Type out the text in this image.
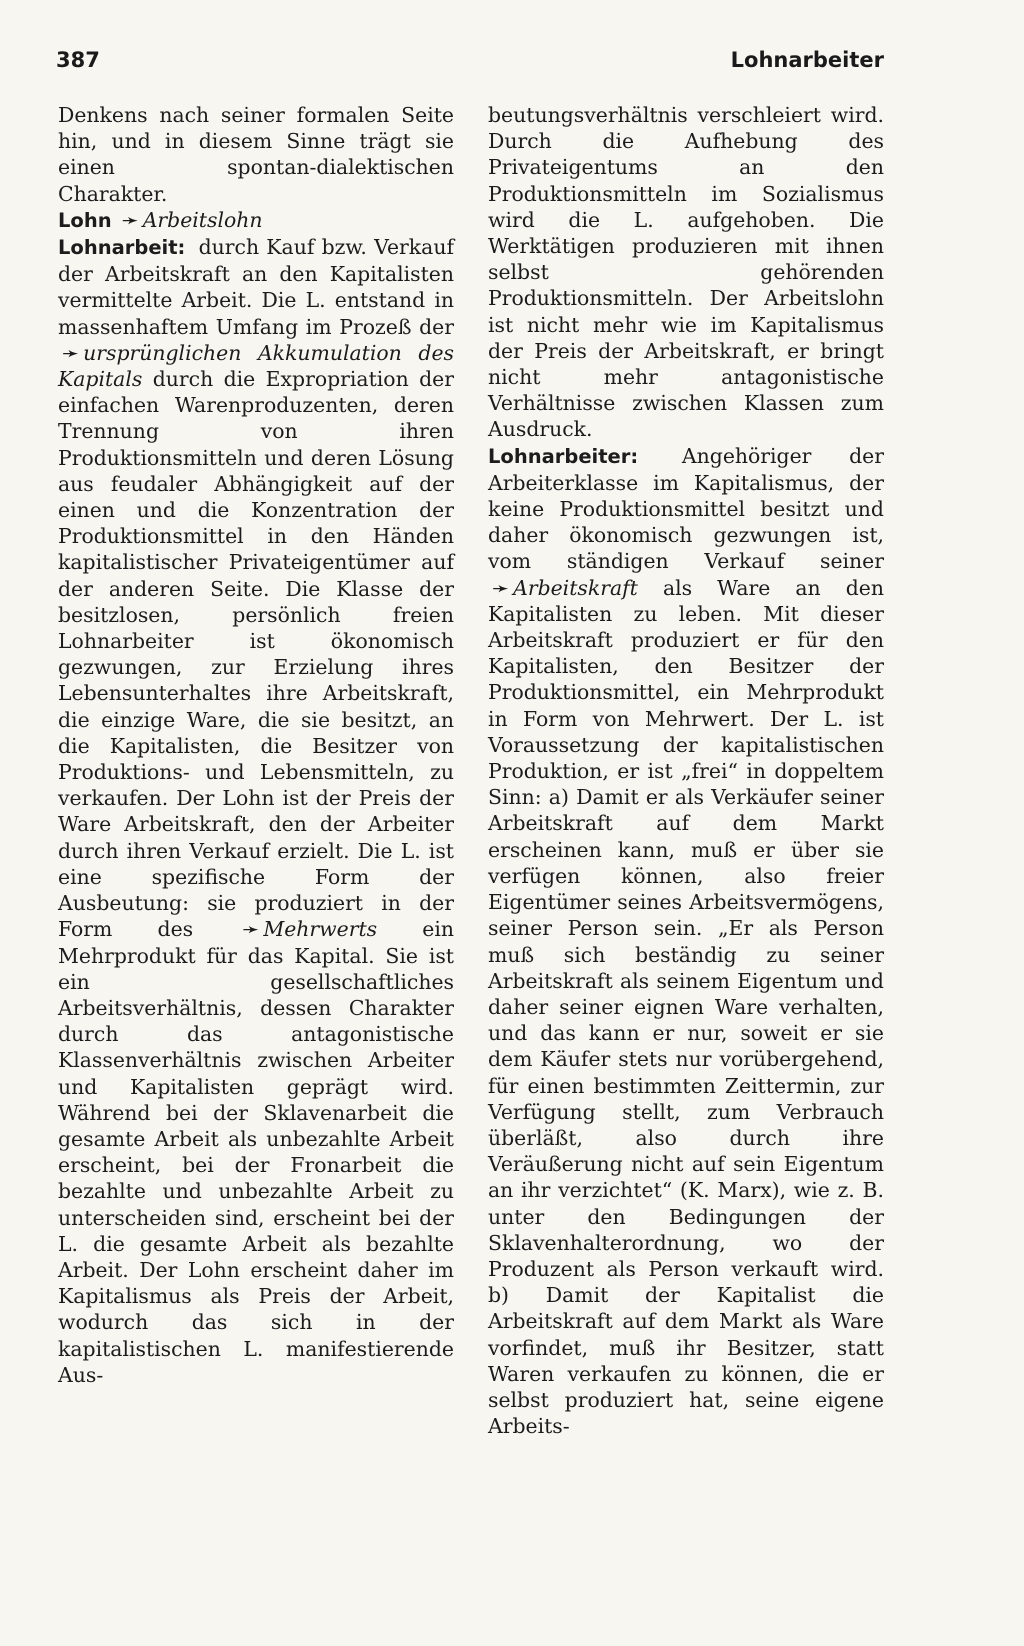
387	Lohnarbeiter

Denkens nach seiner formalen Seite hin, und in diesem Sinne trägt sie einen spontan-dialektischen Charakter.

Lohn ➛ Arbeitslohn

Lohnarbeit: durch Kauf bzw. Verkauf der Arbeitskraft an den Kapitalisten vermittelte Arbeit. Die L. entstand in massenhaftem Umfang im Prozeß der ➛ ursprünglichen Akkumulation des Kapitals durch die Expropriation der einfachen Warenproduzenten, deren Trennung von ihren Produktionsmitteln und deren Lösung aus feudaler Abhängigkeit auf der einen und die Konzentration der Produktionsmittel in den Händen kapitalistischer Privateigentümer auf der anderen Seite. Die Klasse der besitzlosen, persönlich freien Lohnarbeiter ist ökonomisch gezwungen, zur Erzielung ihres Lebensunterhaltes ihre Arbeitskraft, die einzige Ware, die sie besitzt, an die Kapitalisten, die Besitzer von Produktions- und Lebensmitteln, zu verkaufen. Der Lohn ist der Preis der Ware Arbeitskraft, den der Arbeiter durch ihren Verkauf erzielt. Die L. ist eine spezifische Form der Ausbeutung: sie produziert in der Form des ➛ Mehrwerts ein Mehrprodukt für das Kapital. Sie ist ein gesellschaftliches Arbeitsverhältnis, dessen Charakter durch das antagonistische Klassenverhältnis zwischen Arbeiter und Kapitalisten geprägt wird. Während bei der Sklavenarbeit die gesamte Arbeit als unbezahlte Arbeit erscheint, bei der Fronarbeit die bezahlte und unbezahlte Arbeit zu unterscheiden sind, erscheint bei der L. die gesamte Arbeit als bezahlte Arbeit. Der Lohn erscheint daher im Kapitalismus als Preis der Arbeit, wodurch das sich in der kapitalistischen L. manifestierende Aus-

beutungsverhältnis verschleiert wird. Durch die Aufhebung des Privateigentums an den Produktionsmitteln im Sozialismus wird die L. aufgehoben. Die Werktätigen produzieren mit ihnen selbst gehörenden Produktionsmitteln. Der Arbeitslohn ist nicht mehr wie im Kapitalismus der Preis der Arbeitskraft, er bringt nicht mehr antagonistische Verhältnisse zwischen Klassen zum Ausdruck.

Lohnarbeiter: Angehöriger der Arbeiterklasse im Kapitalismus, der keine Produktionsmittel besitzt und daher ökonomisch gezwungen ist, vom ständigen Verkauf seiner ➛ Arbeitskraft als Ware an den Kapitalisten zu leben. Mit dieser Arbeitskraft produziert er für den Kapitalisten, den Besitzer der Produktionsmittel, ein Mehrprodukt in Form von Mehrwert. Der L. ist Voraussetzung der kapitalistischen Produktion, er ist „frei“ in doppeltem Sinn: a) Damit er als Verkäufer seiner Arbeitskraft auf dem Markt erscheinen kann, muß er über sie verfügen können, also freier Eigentümer seines Arbeitsvermögens, seiner Person sein. „Er als Person muß sich beständig zu seiner Arbeitskraft als seinem Eigentum und daher seiner eignen Ware verhalten, und das kann er nur, soweit er sie dem Käufer stets nur vorübergehend, für einen bestimmten Zeittermin, zur Verfügung stellt, zum Verbrauch überläßt, also durch ihre Veräußerung nicht auf sein Eigentum an ihr verzichtet“ (K. Marx), wie z. B. unter den Bedingungen der Sklavenhalterordnung, wo der Produzent als Person verkauft wird. b) Damit der Kapitalist die Arbeitskraft auf dem Markt als Ware vorfindet, muß ihr Besitzer, statt Waren verkaufen zu können, die er selbst produziert hat, seine eigene Arbeits-
